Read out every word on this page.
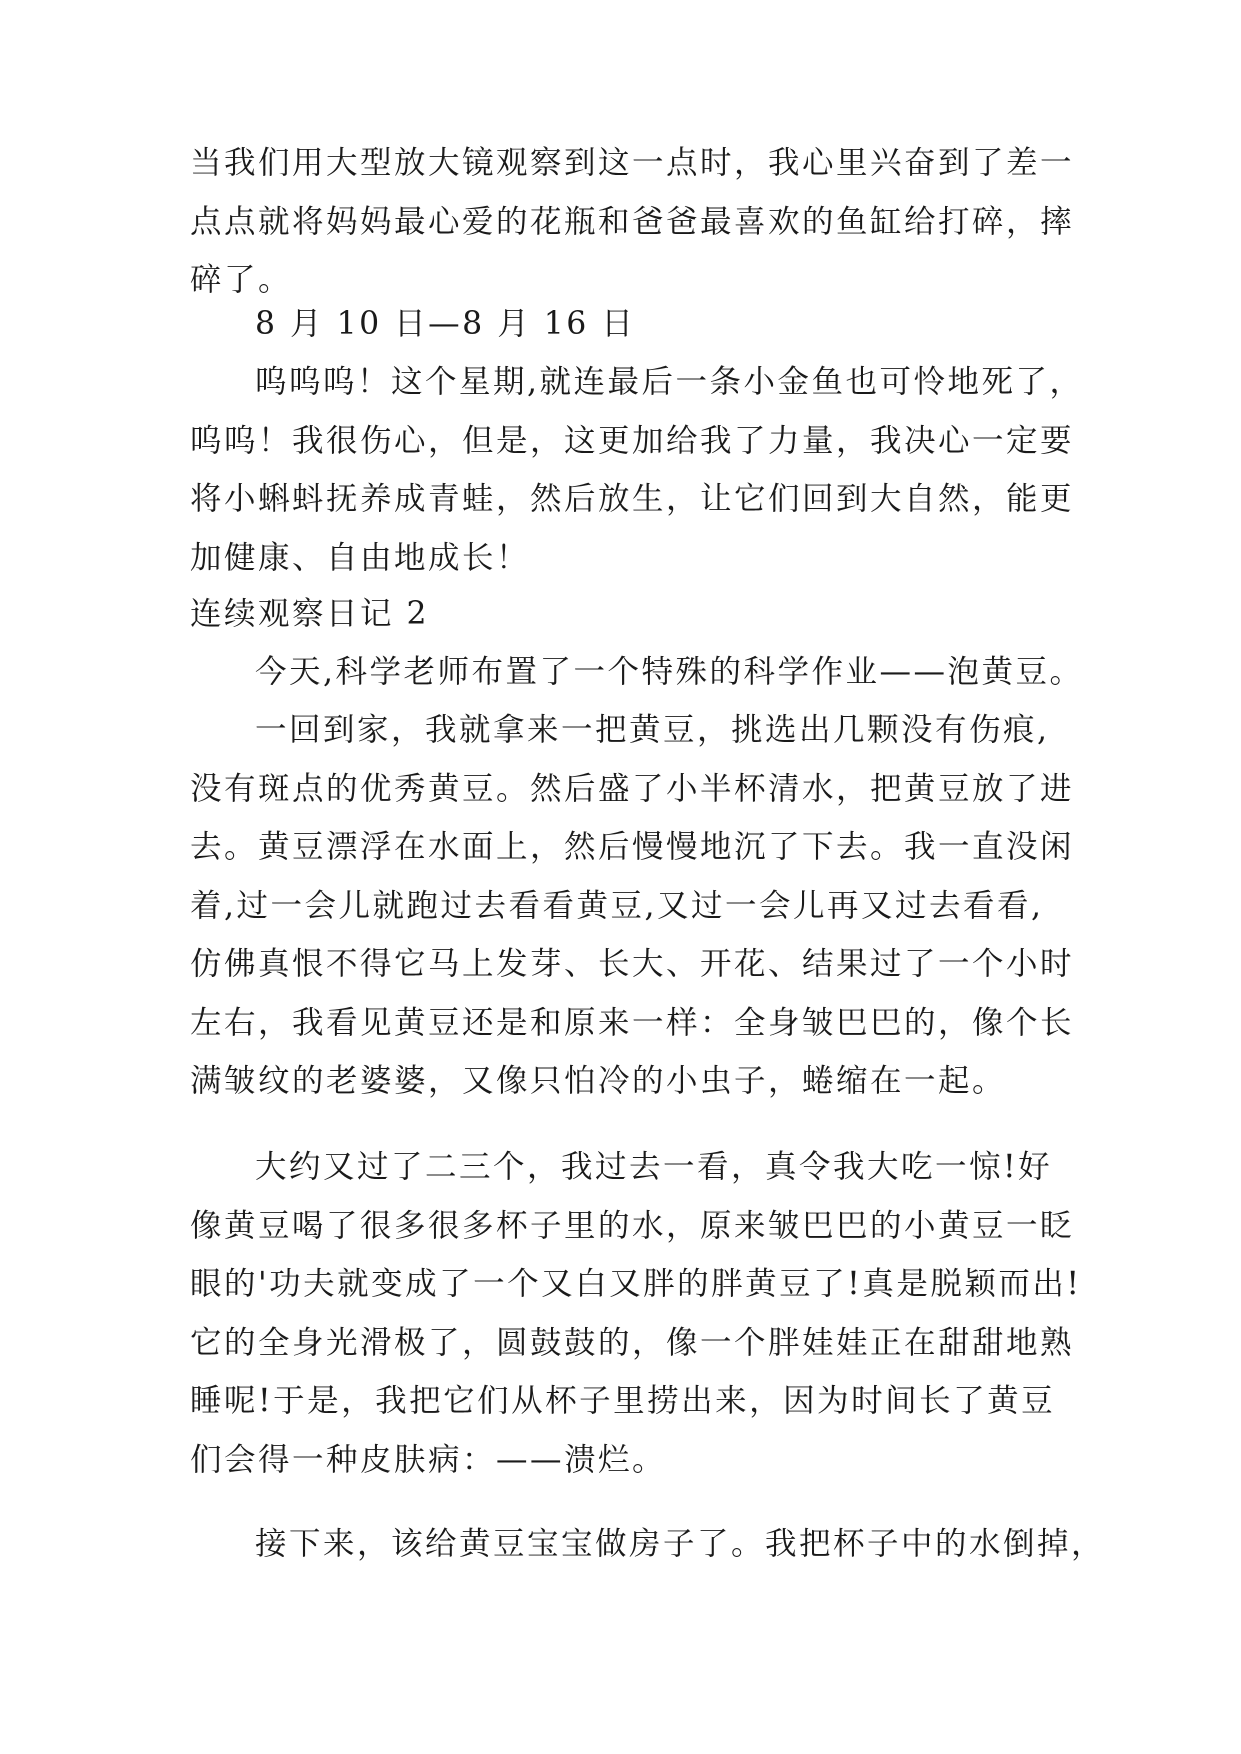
当我们用大型放大镜观察到这一点时，我心里兴奋到了差一
点点就将妈妈最心爱的花瓶和爸爸最喜欢的鱼缸给打碎，摔
碎了。
8 月 10 日—8 月 16 日
呜呜呜！这个星期,就连最后一条小金鱼也可怜地死了，
呜呜！我很伤心，但是，这更加给我了力量，我决心一定要
将小蝌蚪抚养成青蛙，然后放生，让它们回到大自然，能更
加健康、自由地成长！
连续观察日记 2
今天,科学老师布置了一个特殊的科学作业——泡黄豆。
一回到家，我就拿来一把黄豆，挑选出几颗没有伤痕,
没有斑点的优秀黄豆。然后盛了小半杯清水，把黄豆放了进
去。黄豆漂浮在水面上，然后慢慢地沉了下去。我一直没闲
着,过一会儿就跑过去看看黄豆,又过一会儿再又过去看看,
仿佛真恨不得它马上发芽、长大、开花、结果过了一个小时
左右，我看见黄豆还是和原来一样：全身皱巴巴的，像个长
满皱纹的老婆婆，又像只怕冷的小虫子，蜷缩在一起。
大约又过了二三个，我过去一看，真令我大吃一惊!好
像黄豆喝了很多很多杯子里的水，原来皱巴巴的小黄豆一眨
眼的'功夫就变成了一个又白又胖的胖黄豆了!真是脱颖而出!
它的全身光滑极了，圆鼓鼓的，像一个胖娃娃正在甜甜地熟
睡呢!于是，我把它们从杯子里捞出来，因为时间长了黄豆
们会得一种皮肤病：——溃烂。
接下来，该给黄豆宝宝做房子了。我把杯子中的水倒掉，
